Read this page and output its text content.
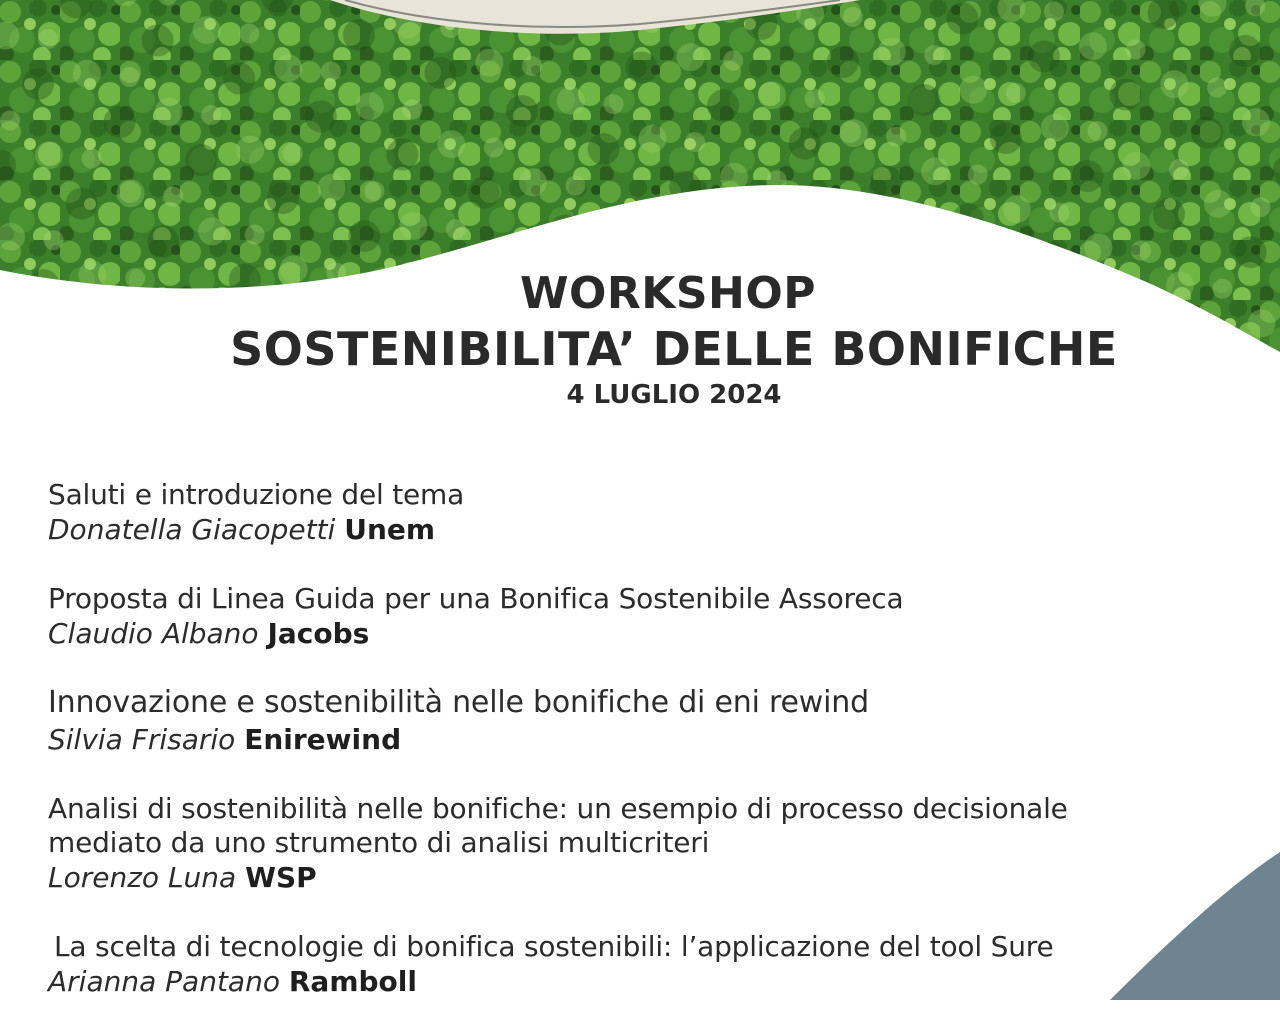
WORKSHOP
SOSTENIBILITA’ DELLE BONIFICHE
4 LUGLIO 2024
Saluti e introduzione del tema
Donatella Giacopetti Unem
Proposta di Linea Guida per una Bonifica Sostenibile Assoreca
Claudio Albano Jacobs
Innovazione e sostenibilità nelle bonifiche di eni rewind
Silvia Frisario Enirewind
Analisi di sostenibilità nelle bonifiche: un esempio di processo decisionale
mediato da uno strumento di analisi multicriteri
Lorenzo Luna WSP
La scelta di tecnologie di bonifica sostenibili: l’applicazione del tool Sure
Arianna Pantano Ramboll
